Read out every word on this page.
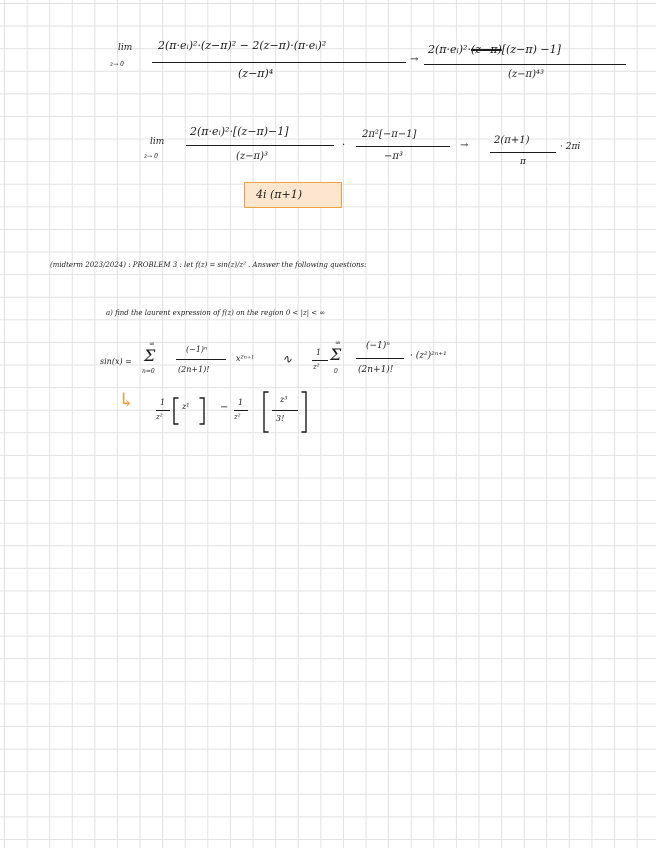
lim
z→ 0
2(π·eᵢ)²·(z−π)² − 2(z−π)·(π·eᵢ)²
(z−π)⁴
→
2(π·eᵢ)²·(z−π)[(z−π) −1]
(z−π)⁴³
lim
z→ 0
2(π·eᵢ)²·[(z−π)−1]
(z−π)³
·
2π²[−π−1]
−π³
→	2(π+1)
π
· 2πi
4i (π+1)
(midterm 2023/2024) : PROBLEM 3 : let f(z) = sin(z)/z² . Answer the following questions:
a) find the laurent expression of f(z) on the region 0 < |z| < ∞
sin(x) =
∞
Σ
n=0
(−1)ⁿ
(2n+1)!
x²ⁿ⁺¹ ∿	1
z²
∞
Σ
0
(−1)ⁿ
(2n+1)!
· (z²)²ⁿ⁺¹
↳	1
z²
z¹	− 1
z²
z³
3!
